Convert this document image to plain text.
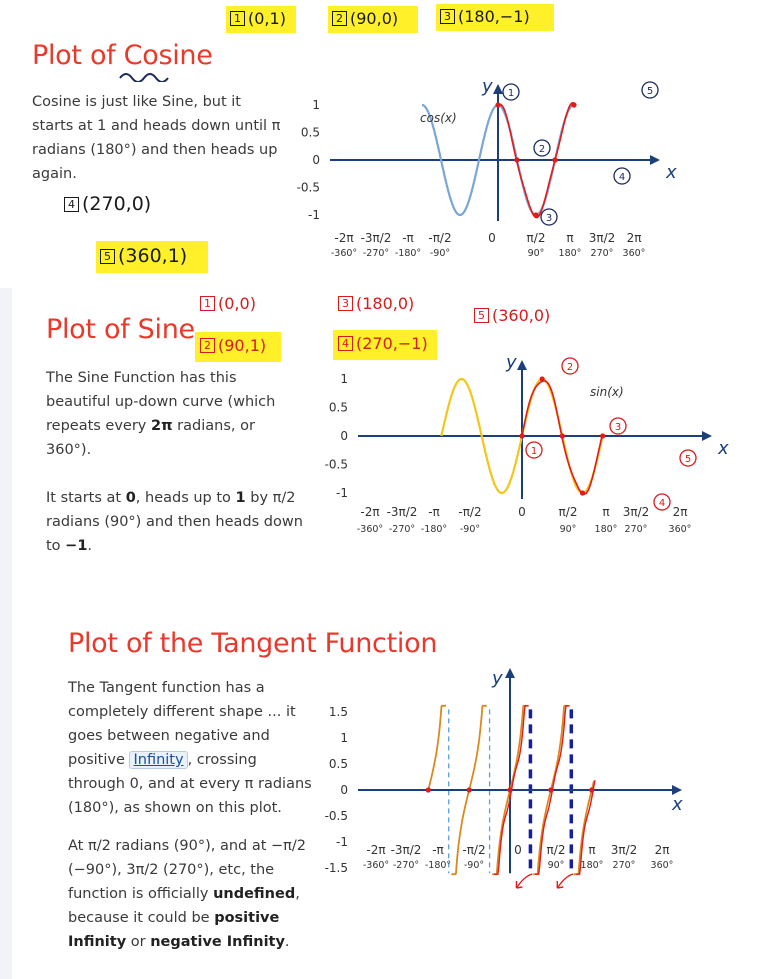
1 (0,1)	2 (90,0)	3 (180,−1)
Plot of Cosine

Cosine is just like Sine, but it starts at 1 and heads down until π radians (180°) and then heads up again.

4 (270,0)
5 (360,1)
1
0.5
0
-0.5
-1
x
y 1
2
3
4
5
cos(x)
-2π -3π/2 -π -π/2	0	π/2 π 3π/2 2π
-360° -270° -180° -90°	90° 180° 270° 360°
1 (0,0)
2 (90,1)
3 (180,0)
4 (270,−1)
5 (360,0)
Plot of Sine

The Sine Function has this beautiful up-down curve (which repeats every 2π radians, or 360°).

It starts at 0, heads up to 1 by π/2 radians (90°) and then heads down to −1.

1
0.5
0
-0.5
-1
x
y
1
2
3
4
5
sin(x)
-2π -3π/2 -π -π/2	0	π/2 π 3π/2 2π
-360° -270° -180° -90°	90° 180° 270° 360°
Plot of the Tangent Function

The Tangent function has a completely different shape ... it goes between negative and positive Infinity , crossing through 0, and at every π radians (180°), as shown on this plot.

At π/2 radians (90°), and at −π/2 (−90°), 3π/2 (270°), etc, the function is officially undefined, because it could be positive Infinity or negative Infinity.

1.5
1
0.5
0
-0.5
-1
-1.5
x
y
-2π -3π/2 -π -π/2 0 π/2 π 3π/2 2π
-360° -270° -180° -90°	90° 180° 270° 360°
